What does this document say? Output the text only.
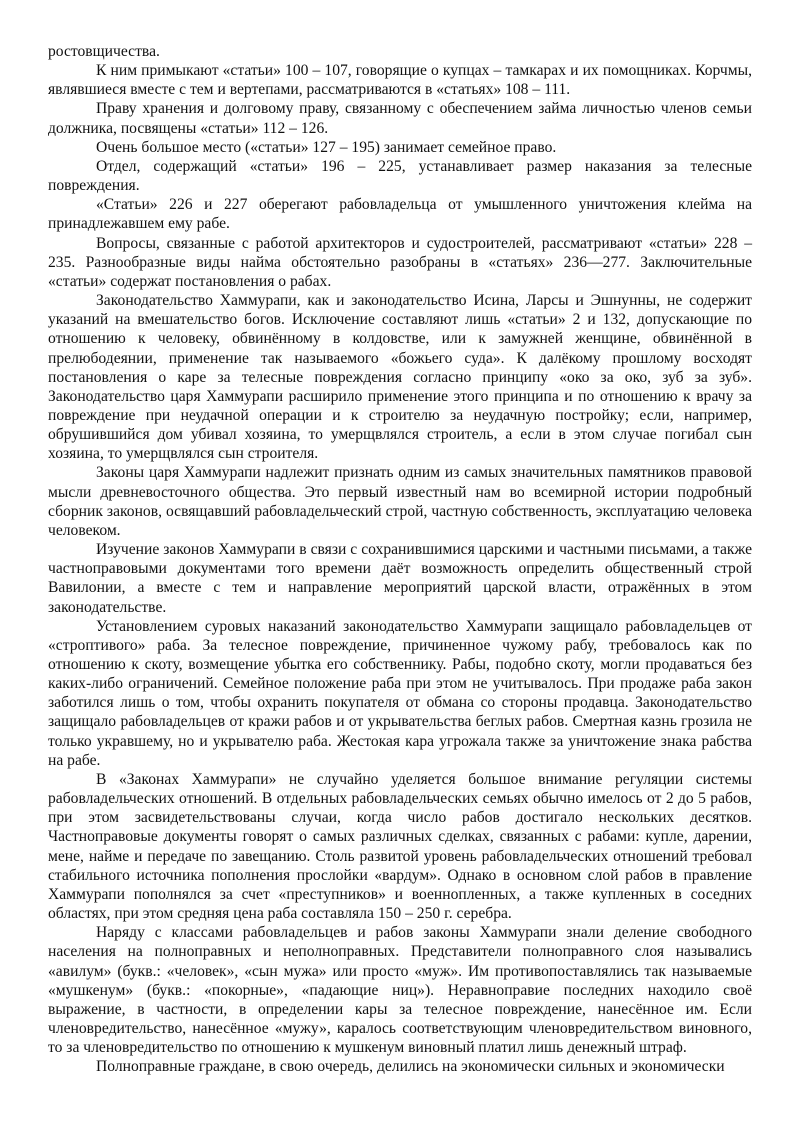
ростовщичества.

К ним примыкают «статьи» 100 – 107, говорящие о купцах – тамкарах и их помощниках. Корчмы, являвшиеся вместе с тем и вертепами, рассматриваются в «статьях» 108 – 111.

Праву хранения и долговому праву, связанному с обеспечением займа личностью членов семьи должника, посвящены «статьи» 112 – 126.

Очень большое место («статьи» 127 – 195) занимает семейное право.

Отдел, содержащий «статьи» 196 – 225, устанавливает размер наказания за телесные повреждения.

«Статьи» 226 и 227 оберегают рабовладельца от умышленного уничтожения клейма на принадлежавшем ему рабе.

Вопросы, связанные с работой архитекторов и судостроителей, рассматривают «статьи» 228 – 235. Разнообразные виды найма обстоятельно разобраны в «статьях» 236—277. Заключительные «статьи» содержат постановления о рабах.

Законодательство Хаммурапи, как и законодательство Исина, Ларсы и Эшнунны, не содержит указаний на вмешательство богов. Исключение составляют лишь «статьи» 2 и 132, допускающие по отношению к человеку, обвинённому в колдовстве, или к замужней женщине, обвинённой в прелюбодеянии, применение так называемого «божьего суда». К далёкому прошлому восходят постановления о каре за телесные повреждения согласно принципу «око за око, зуб за зуб». Законодательство царя Хаммурапи расширило применение этого принципа и по отношению к врачу за повреждение при неудачной операции и к строителю за неудачную постройку; если, например, обрушившийся дом убивал хозяина, то умерщвлялся строитель, а если в этом случае погибал сын хозяина, то умерщвлялся сын строителя.

Законы царя Хаммурапи надлежит признать одним из самых значительных памятников правовой мысли древневосточного общества. Это первый известный нам во всемирной истории подробный сборник законов, освящавший рабовладельческий строй, частную собственность, эксплуатацию человека человеком.

Изучение законов Хаммурапи в связи с сохранившимися царскими и частными письмами, а также частноправовыми документами того времени даёт возможность определить общественный строй Вавилонии, а вместе с тем и направление мероприятий царской власти, отражённых в этом законодательстве.

Установлением суровых наказаний законодательство Хаммурапи защищало рабовладельцев от «строптивого» раба. За телесное повреждение, причиненное чужому рабу, требовалось как по отношению к скоту, возмещение убытка его собственнику. Рабы, подобно скоту, могли продаваться без каких-либо ограничений. Семейное положение раба при этом не учитывалось. При продаже раба закон заботился лишь о том, чтобы охранить покупателя от обмана со стороны продавца. Законодательство защищало рабовладельцев от кражи рабов и от укрывательства беглых рабов. Смертная казнь грозила не только укравшему, но и укрывателю раба. Жестокая кара угрожала также за уничтожение знака рабства на рабе.

В «Законах Хаммурапи» не случайно уделяется большое внимание регуляции системы рабовладельческих отношений. В отдельных рабовладельческих семьях обычно имелось от 2 до 5 рабов, при этом засвидетельствованы случаи, когда число рабов достигало нескольких десятков. Частноправовые документы говорят о самых различных сделках, связанных с рабами: купле, дарении, мене, найме и передаче по завещанию. Столь развитой уровень рабовладельческих отношений требовал стабильного источника пополнения прослойки «вардум». Однако в основном слой рабов в правление Хаммурапи пополнялся за счет «преступников» и военнопленных, а также купленных в соседних областях, при этом средняя цена раба составляла 150 – 250 г. серебра.

Наряду с классами рабовладельцев и рабов законы Хаммурапи знали деление свободного населения на полноправных и неполноправных. Представители полноправного слоя назывались «авилум» (букв.: «человек», «сын мужа» или просто «муж». Им противопоставлялись так называемые «мушкенум» (букв.: «покорные», «падающие ниц»). Неравноправие последних находило своё выражение, в частности, в определении кары за телесное повреждение, нанесённое им. Если членовредительство, нанесённое «мужу», каралось соответствующим членовредительством виновного, то за членовредительство по отношению к мушкенум виновный платил лишь денежный штраф.

Полноправные граждане, в свою очередь, делились на экономически сильных и экономически
